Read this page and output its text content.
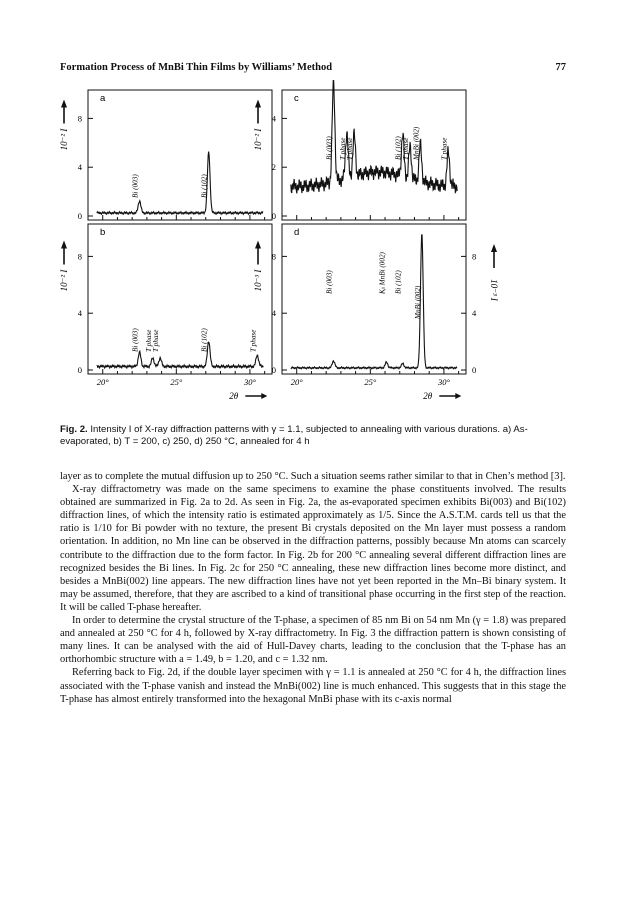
Formation Process of MnBi Thin Films by Williams’ Method	77
a
0
4
8
10⁻² I
Bi (003)	Bi (102)
b
0
4
8
10⁻² I
Bi (003) T phase T phase	Bi (102)	T phase
c
0
2
4
10⁻² I	Bi (003) T phase T phase	Bi (102) T phase MnBi (002)	T phase
d
0	0
4	4
8	8
10⁻³ I	10⁻³ I
Bi (003)	Kᵦ MnBi (002) Bi (102)
MnBi (002)
20°	25°	30°
2θ
20°	25°	30°
2θ
Fig. 2. Intensity I of X-ray diffraction patterns with γ = 1.1, subjected to annealing with various durations. a) As-evaporated, b) T = 200, c) 250, d) 250 °C, annealed for 4 h

layer as to complete the mutual diffusion up to 250 °C. Such a situation seems rather similar to that in Chen’s method [3].

X-ray diffractometry was made on the same specimens to examine the phase constituents involved. The results obtained are summarized in Fig. 2a to 2d. As seen in Fig. 2a, the as-evaporated specimen exhibits Bi(003) and Bi(102) diffraction lines, of which the intensity ratio is estimated approximately as 1/5. Since the A.S.T.M. cards tell us that the ratio is 1/10 for Bi powder with no texture, the present Bi crystals deposited on the Mn layer must possess a random orientation. In addition, no Mn line can be observed in the diffraction patterns, possibly because Mn atoms can scarcely contribute to the diffraction due to the form factor. In Fig. 2b for 200 °C annealing several different diffraction lines are recognized besides the Bi lines. In Fig. 2c for 250 °C annealing, these new diffraction lines become more distinct, and besides a MnBi(002) line appears. The new diffraction lines have not yet been reported in the Mn–Bi binary system. It may be assumed, therefore, that they are ascribed to a kind of transitional phase occurring in the first step of the reaction. It will be called T-phase hereafter.

In order to determine the crystal structure of the T-phase, a specimen of 85 nm Bi on 54 nm Mn (γ = 1.8) was prepared and annealed at 250 °C for 4 h, followed by X-ray diffractometry. In Fig. 3 the diffraction pattern is shown consisting of many lines. It can be analysed with the aid of Hull-Davey charts, leading to the conclusion that the T-phase has an orthorhombic structure with a = 1.49, b = 1.20, and c = 1.32 nm.

Referring back to Fig. 2d, if the double layer specimen with γ = 1.1 is annealed at 250 °C for 4 h, the diffraction lines associated with the T-phase vanish and instead the MnBi(002) line is much enhanced. This suggests that in this stage the T-phase has almost entirely transformed into the hexagonal MnBi phase with its c-axis normal
